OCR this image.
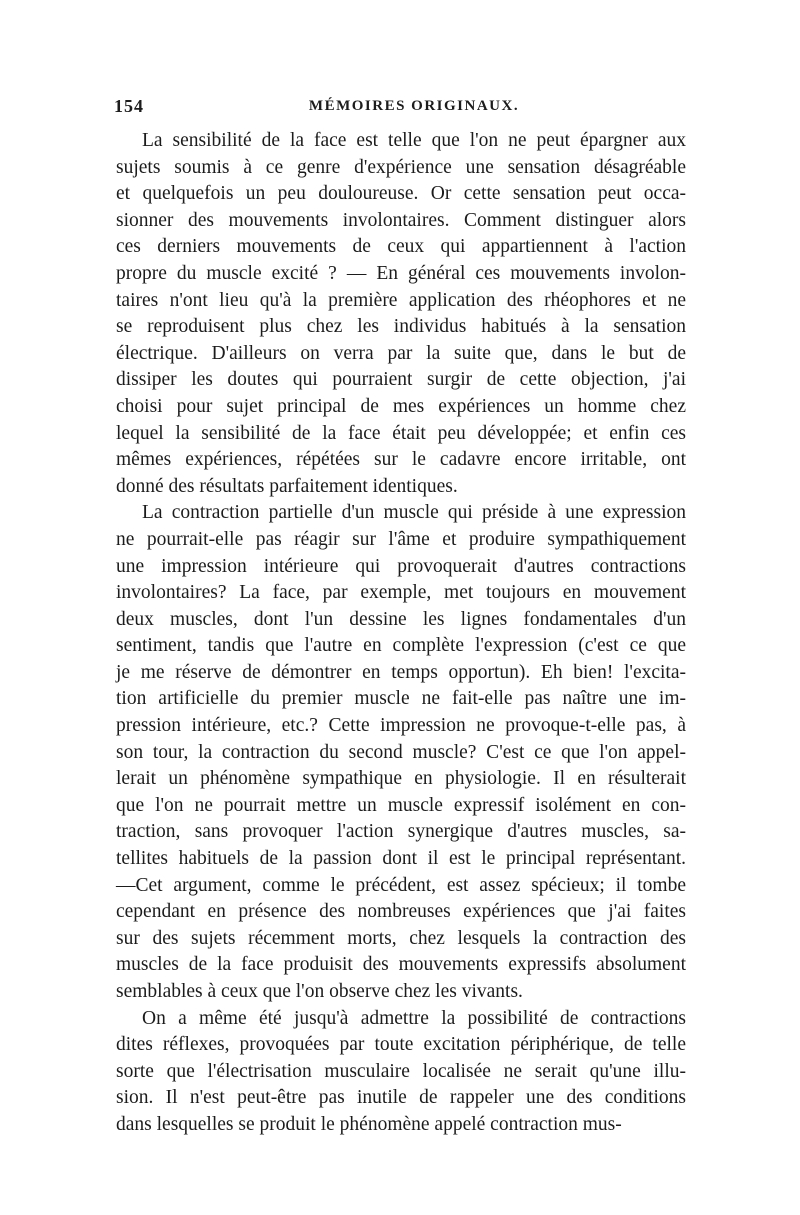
154	MÉMOIRES ORIGINAUX.
La sensibilité de la face est telle que l'on ne peut épargner aux
sujets soumis à ce genre d'expérience une sensation désagréable
et quelquefois un peu douloureuse. Or cette sensation peut occa-
sionner des mouvements involontaires. Comment distinguer alors
ces derniers mouvements de ceux qui appartiennent à l'action
propre du muscle excité ? — En général ces mouvements involon-
taires n'ont lieu qu'à la première application des rhéophores et ne
se reproduisent plus chez les individus habitués à la sensation
électrique. D'ailleurs on verra par la suite que, dans le but de
dissiper les doutes qui pourraient surgir de cette objection, j'ai
choisi pour sujet principal de mes expériences un homme chez
lequel la sensibilité de la face était peu développée; et enfin ces
mêmes expériences, répétées sur le cadavre encore irritable, ont
donné des résultats parfaitement identiques.
La contraction partielle d'un muscle qui préside à une expression
ne pourrait-elle pas réagir sur l'âme et produire sympathiquement
une impression intérieure qui provoquerait d'autres contractions
involontaires? La face, par exemple, met toujours en mouvement
deux muscles, dont l'un dessine les lignes fondamentales d'un
sentiment, tandis que l'autre en complète l'expression (c'est ce que
je me réserve de démontrer en temps opportun). Eh bien! l'excita-
tion artificielle du premier muscle ne fait-elle pas naître une im-
pression intérieure, etc.? Cette impression ne provoque-t-elle pas, à
son tour, la contraction du second muscle? C'est ce que l'on appel-
lerait un phénomène sympathique en physiologie. Il en résulterait
que l'on ne pourrait mettre un muscle expressif isolément en con-
traction, sans provoquer l'action synergique d'autres muscles, sa-
tellites habituels de la passion dont il est le principal représentant.
—Cet argument, comme le précédent, est assez spécieux; il tombe
cependant en présence des nombreuses expériences que j'ai faites
sur des sujets récemment morts, chez lesquels la contraction des
muscles de la face produisit des mouvements expressifs absolument
semblables à ceux que l'on observe chez les vivants.
On a même été jusqu'à admettre la possibilité de contractions
dites réflexes, provoquées par toute excitation périphérique, de telle
sorte que l'électrisation musculaire localisée ne serait qu'une illu-
sion. Il n'est peut-être pas inutile de rappeler une des conditions
dans lesquelles se produit le phénomène appelé contraction mus-
